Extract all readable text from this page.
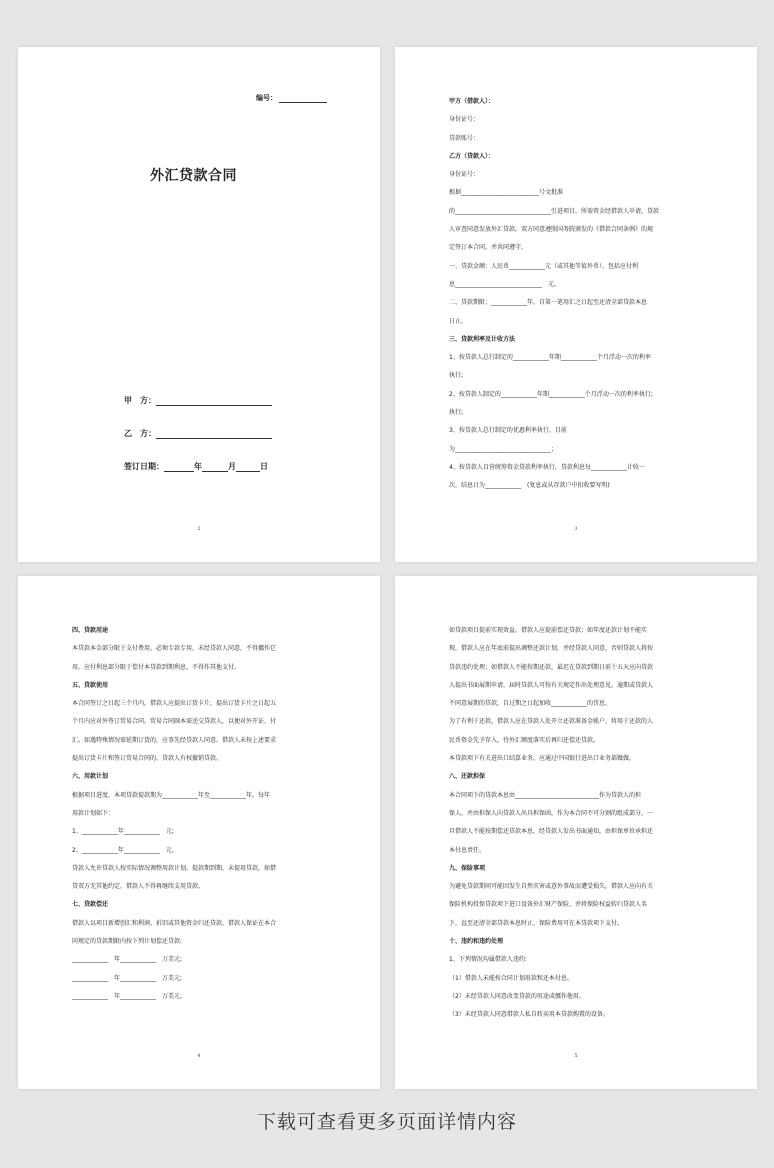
编号：
外汇贷款合同
甲　方：
乙　方：
签订日期：	年	月	日
2

甲方（借款人）：

身份证号：

贷款账号：

乙方（贷款人）：

身份证号：

根据__________________________号文批准

的________________________________引进项目，所需资金经借款人申请，贷款

人审查同意发放外汇贷款。双方同意遵照国务院颁发的《借款合同条例》的规

定签订本合同，并共同遵守。

一、贷款金额：人民币____________元（或其他等值外币），包括应付利

息_____________________________　元。

二、贷款期限：____________年，自第一笔用汇之日起至还清全部贷款本息

日止。

三、贷款利率及计收方法

1、按贷款人总行制定的____________年期____________个月浮动一次的利率

执行;

2、按贷款人制定的____________年期____________个月浮动一次的利率执行;

执行;

3、按贷款人总行制定的优惠利率执行，目前

为________________________________；

4、按贷款人自营统筹资金贷款利率执行，贷款利息每____________计收一

次，结息日为____________　(复息或从存款户中扣收要写明)

3

四、贷款用途

本贷款本金部分限于支付费用，必须专款专用，未经贷款人同意，不得挪作它

用。应付利息部分限于偿付本贷款到期利息，不得作其他支付。

五、贷款使用

本合同签订之日起三个月内，借款人应提出订货卡片，提出订货卡片之日起五

个月内应对外签订贸易合同。贸易合同副本需送交贷款人，以便对外开证、付

汇。如遇特殊情况需延期订货的，应事先经贷款人同意。借款人未按上述要求

提出订货卡片和签订贸易合同的，贷款人有权撤销贷款。

六、用款计划

根据项目进度，本项贷款提款期为____________年至____________年，每年

用款计划如下：

1、____________年____________　元;

2、____________年____________　元。

贷款人允许贷款人按实际情况调整用款计划，提款期到期，未提用贷款，如借

贷双方无其他约定，借款人不得再继续支用贷款。

七、贷款偿还

借款人以项目新增创汇和利润、折旧或其他资金归还贷款。借款人保证在本合

同规定的贷款期限内按下列计划偿还贷款:

____________　年____________　万美元;

____________　年____________　万美元;

____________　年____________　万美元。

4

如贷款项目提前实现效益，借款人应提前偿还贷款；如年度还款计划不能实

现，借款人应在年底前提出调整还款计划，并经贷款人同意，否则贷款人将按

贷款违约处理；如借款人不能按期还款，最迟在贷款到期日前十五天应向贷款

人提出书面展期申请，届时贷款人可按有关规定作出处理意见。逾期或贷款人

不同意展期的贷款，自过期之日起加收____________的罚息。

为了有利于还款，借款人应在贷款人处开立还款准备金帐户，将用于还款的人

民币资金先予存入，待外汇额度落实后再归还偿还贷款。

本贷款项下有关进出口结算业务，应通过中国银行进出口业务部做做。

八、还款担保

本合同项下的贷款本息由____________________________作为贷款人的担

保人，并由担保人向贷款人出具担保函，作为本合同不可分割的组成部分，一

旦借款人不能按期偿还贷款本息，经贷款人发出书面通知，由担保单位承担还

本付息责任。

九、保险事项

为避免贷款期间可能因发生自然灾害或意外事故而遭受损失，借款人应向有关

保险机构投保贷款项下进口设备外汇财产保险，并将保险权益转归贷款人名

下，直至还清全部贷款本息时止，保险费用可在本贷款项下支付。

十、违约和违约处理

1、下列情况均属借款人违约:

（1）借款人未能按合同计划用款和还本付息。

（2）未经贷款人同意改变贷款的用途或挪作他用。

（3）未经贷款人同意借款人私自转卖用本贷款购置的设备。

5
下载可查看更多页面详情内容
